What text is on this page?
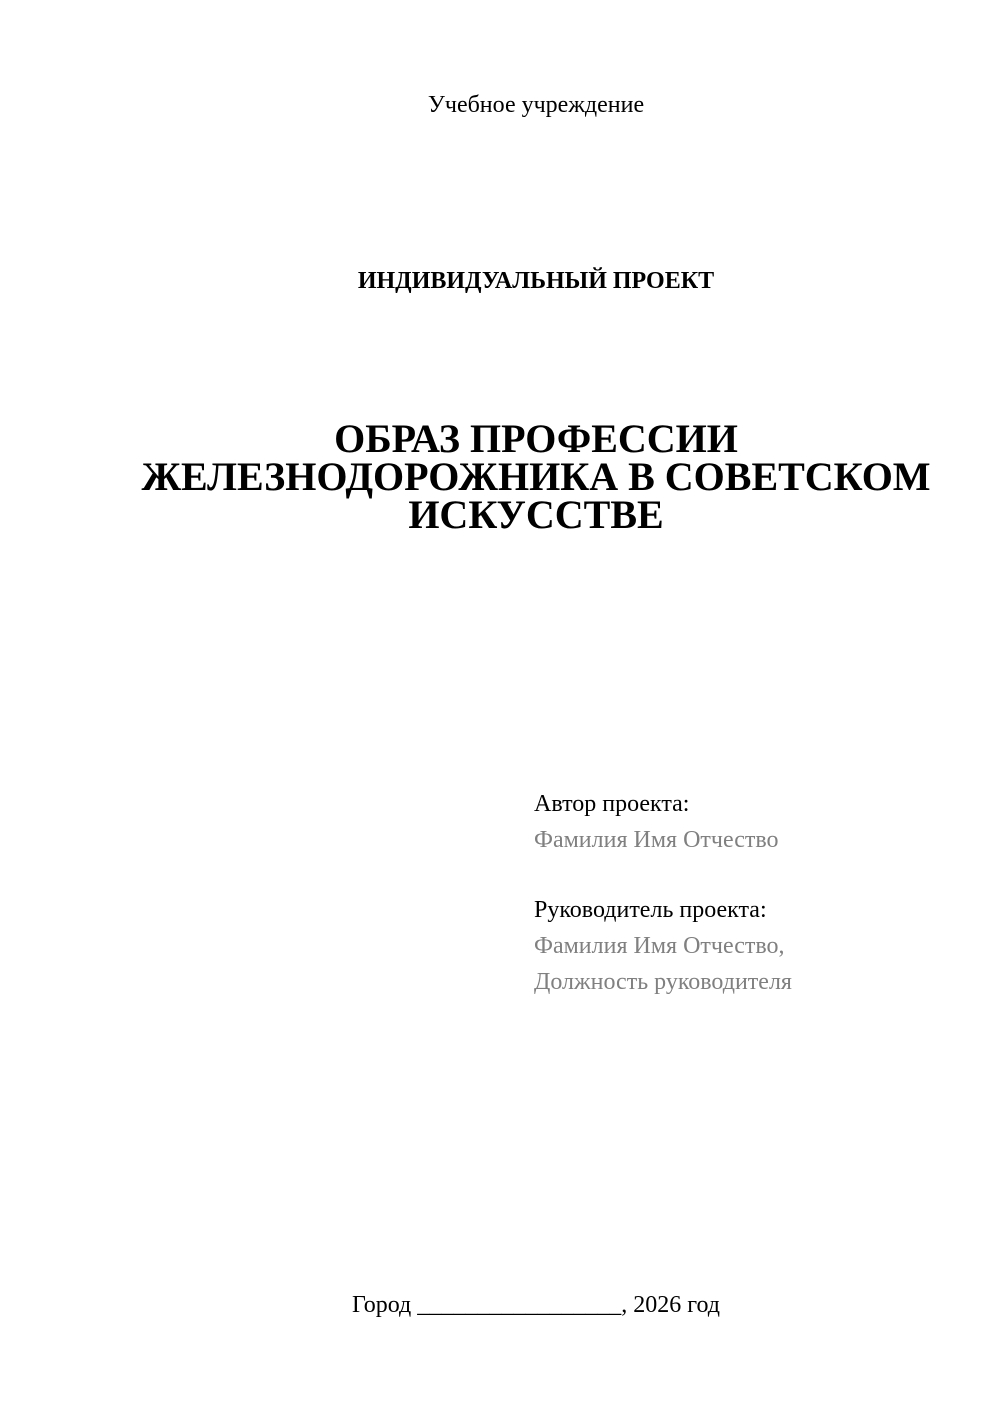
Учебное учреждение
ИНДИВИДУАЛЬНЫЙ ПРОЕКТ
ОБРАЗ ПРОФЕССИИ
ЖЕЛЕЗНОДОРОЖНИКА В СОВЕТСКОМ
ИСКУССТВЕ
Автор проекта:
Фамилия Имя Отчество
Руководитель проекта:
Фамилия Имя Отчество,
Должность руководителя
Город _________________, 2026 год
